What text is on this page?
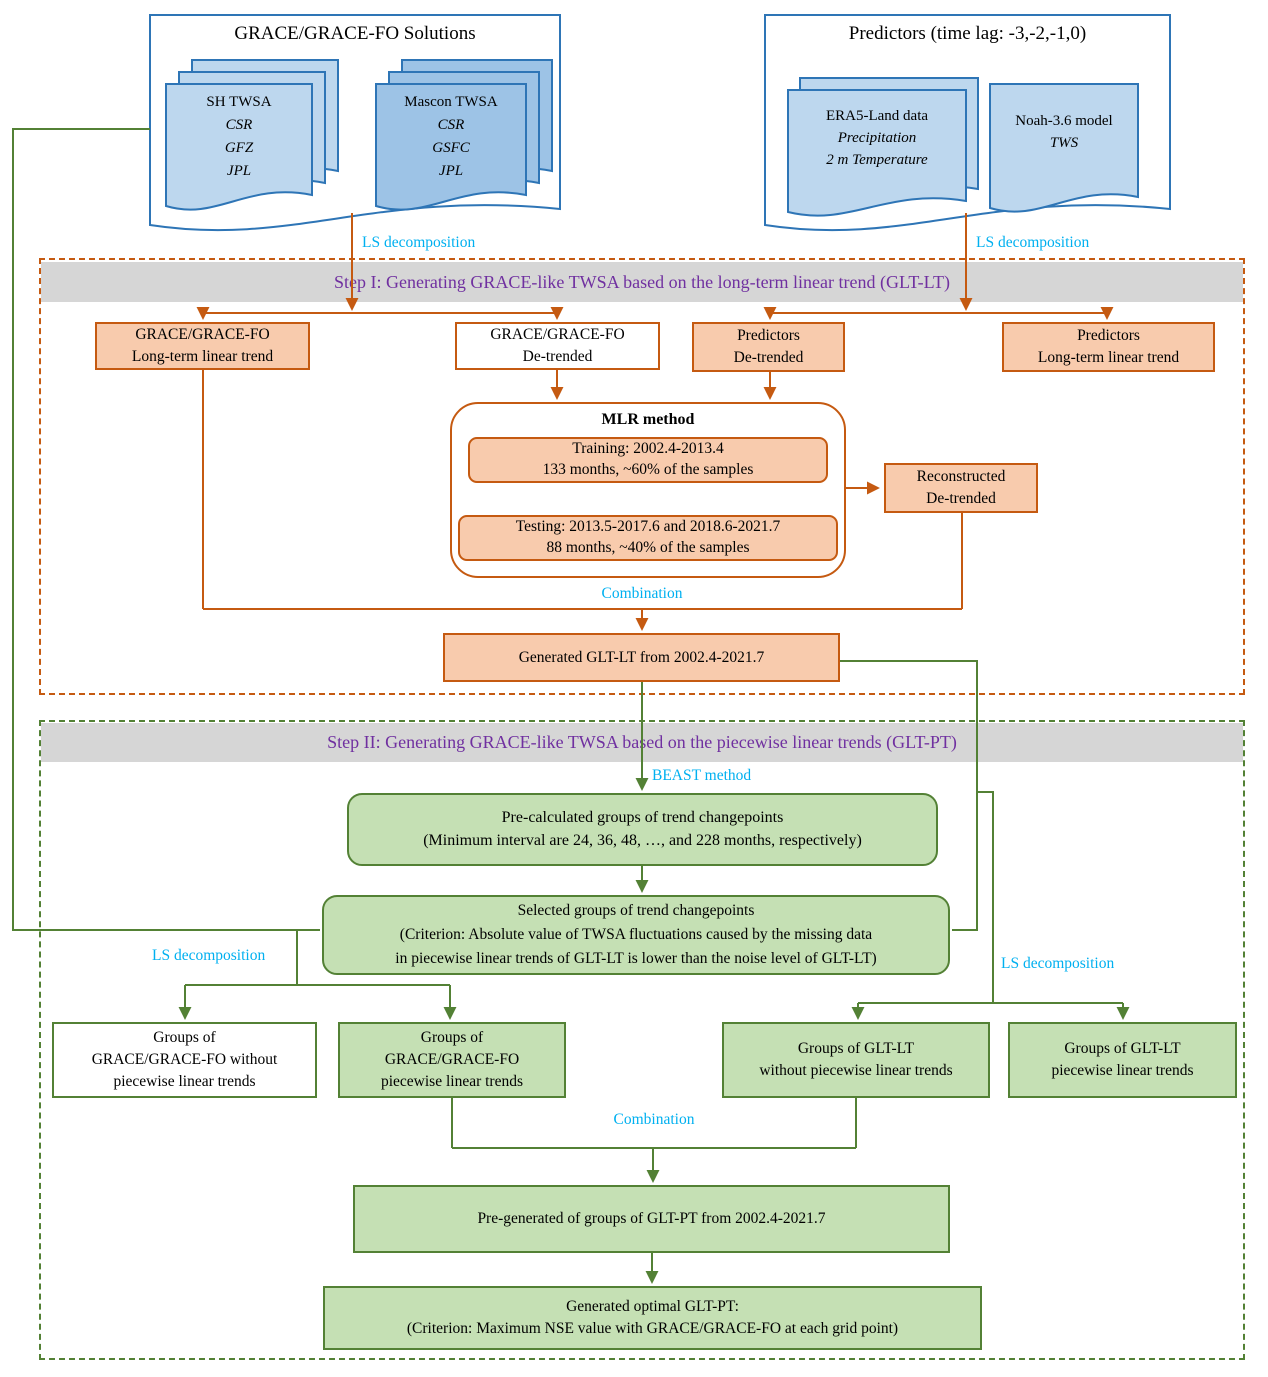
Step I: Generating GRACE-like TWSA based on the long-term linear trend (GLT-LT)
Step II: Generating GRACE-like TWSA based on the piecewise linear trends (GLT-PT)
GRACE/GRACE-FO Solutions
SH TWSA
CSR
GFZ
JPL
Mascon TWSA
CSR
GSFC
JPL
Predictors (time lag: -3,-2,-1,0)
ERA5-Land data
Precipitation
2 m Temperature
Noah-3.6 model
TWS
LS decomposition	LS decomposition
Combination
BEAST method
LS decomposition	LS decomposition
Combination
GRACE/GRACE-FO
Long-term linear trend
GRACE/GRACE-FO
De-trended
Predictors
De-trended
Predictors
Long-term linear trend
MLR method
Training: 2002.4-2013.4
133 months, ~60% of the samples
Testing: 2013.5-2017.6 and 2018.6-2021.7
88 months, ~40% of the samples
Reconstructed
De-trended
Generated GLT-LT from 2002.4-2021.7
Pre-calculated groups of trend changepoints
(Minimum interval are 24, 36, 48, …, and 228 months, respectively)
Selected groups of trend changepoints
(Criterion: Absolute value of TWSA fluctuations caused by the missing data
in piecewise linear trends of GLT-LT is lower than the noise level of GLT-LT)
Groups of
GRACE/GRACE-FO without
piecewise linear trends
Groups of
GRACE/GRACE-FO
piecewise linear trends
Groups of GLT-LT
without piecewise linear trends
Groups of GLT-LT
piecewise linear trends
Pre-generated of groups of GLT-PT from 2002.4-2021.7
Generated optimal GLT-PT:
(Criterion: Maximum NSE value with GRACE/GRACE-FO at each grid point)
